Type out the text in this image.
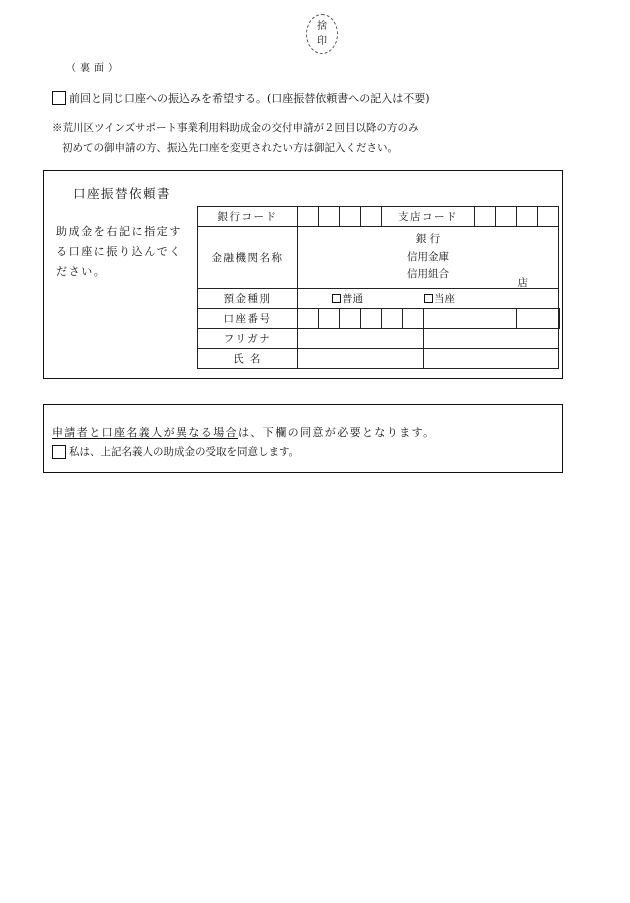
捨
印
（裏面）
前回と同じ口座への振込みを希望する。(口座振替依頼書への記入は不要)
※荒川区ツインズサポート事業利用料助成金の交付申請が２回目以降の方のみ
初めての御申請の方、振込先口座を変更されたい方は御記入ください。
口座振替依頼書
助成金を右記に指定する口座に振り込んでください。
銀行コード					支店コード							
金融機関名称	銀 行
信用金庫
信用組合
店											

預金種別	普通 当座											

口座番号												
フリガナ												
氏 名												
申請者と口座名義人が異なる場合は、下欄の同意が必要となります。
私は、上記名義人の助成金の受取を同意します。
